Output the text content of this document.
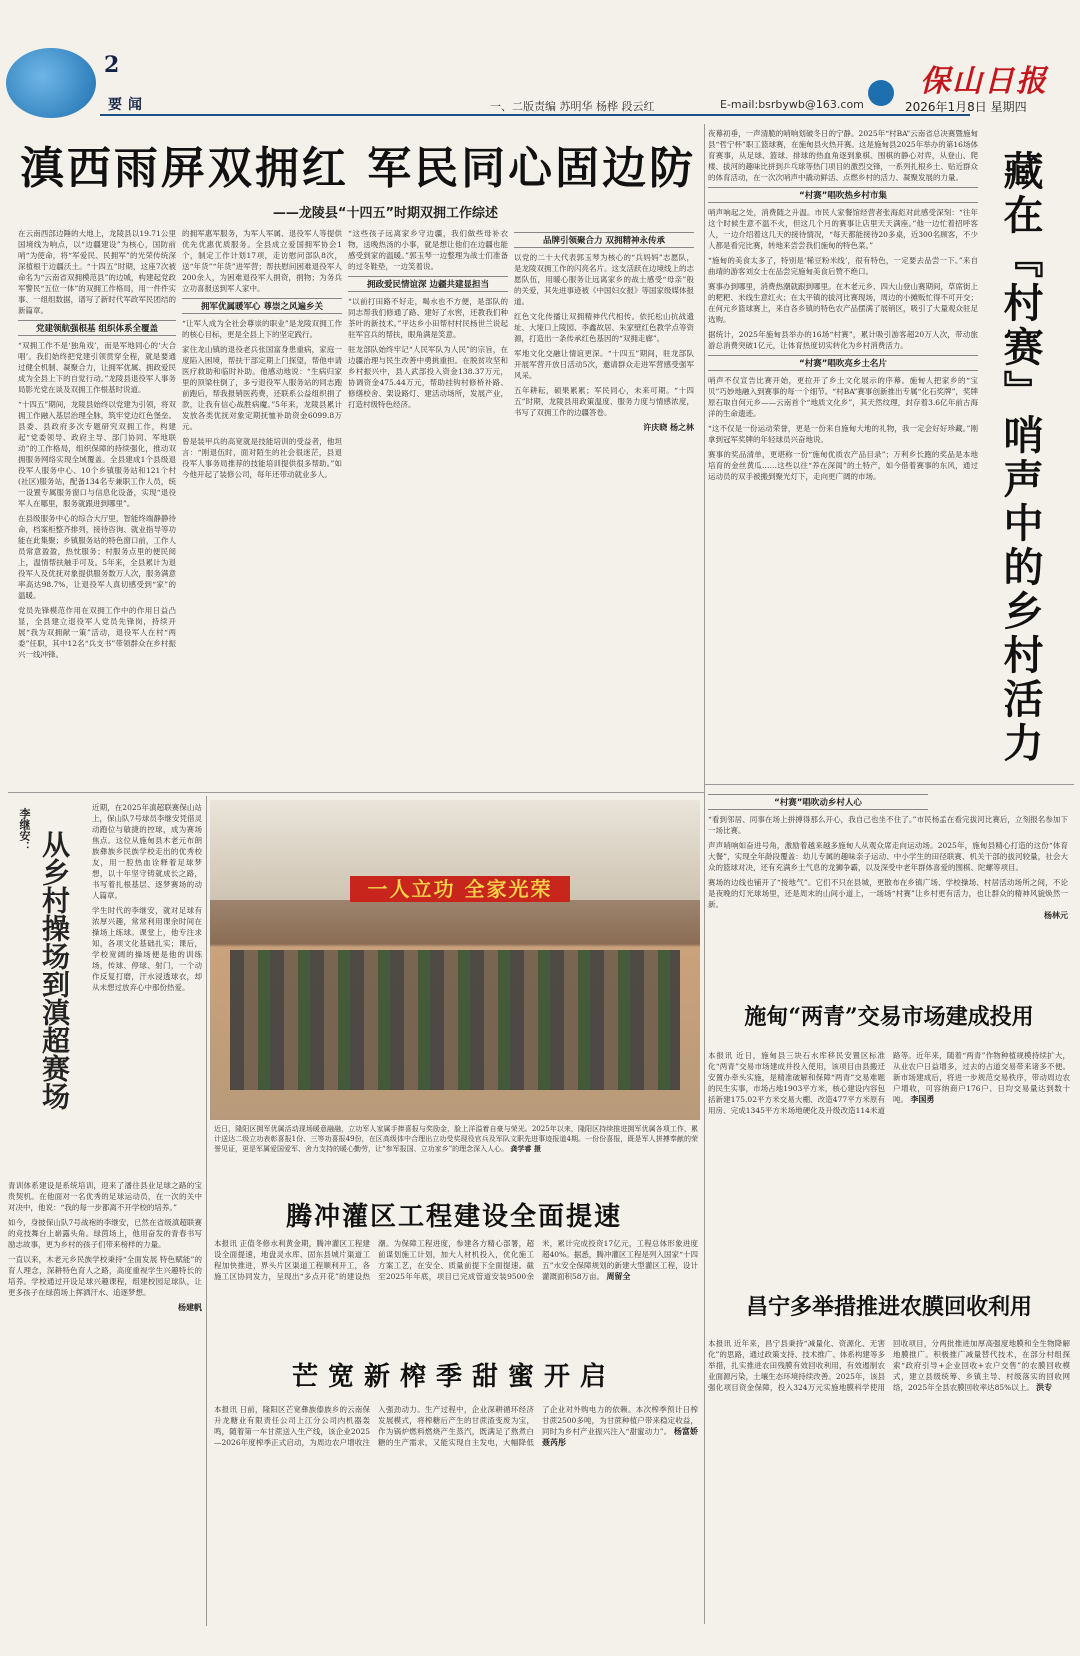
2
要闻	一、二版责编 苏明华 杨桦 段云红	E-mail:bsrbywb@163.com
保山日报
2026年1月8日 星期四
滇西雨屏双拥红 军民同心固边防
——龙陵县“十四五”时期双拥工作综述

在云南西部边陲的大地上，龙陵县以19.71公里国境线为响点，以“边疆建设”为核心，国防前哨“为使命，将“军爱民、民拥军”的光荣传统深深植根于边疆沃土。“十四五”时期，这座7次被命名为“云南省双拥模范县”的边城，构建起党政军警民“五位一体”的双拥工作格局，用一件件实事、一组组数据，谱写了新时代军政军民团结的新篇章。

党建领航强根基 组织体系全覆盖

“双拥工作不是‘独角戏’，而是军地同心的‘大合唱’。我们始终把党建引领贯穿全程，就是要通过健全机制、凝聚合力，让拥军优属、拥政爱民成为全县上下的自觉行动。”龙陵县退役军人事务局影光党在谈及双拥工作根基时说道。

“十四五”期间，龙陵县始终以党建为引领，将双拥工作融入基层治理全脉，筑牢党边红色堡垒。县委、县政府多次专题研究双拥工作，构建起“党委领导、政府主导、部门协同、军地联动”的工作格局，组织保障的持续强化，推动双拥服务网络实现全域覆盖。全县建成1个县级退役军人服务中心、10个乡镇服务站和121个村(社区)服务站，配备134名专兼职工作人员，统一设置专属服务窗口与信息化设备，实现“退役军人在哪里，服务就跟进到哪里”。

在县级服务中心的综合大厅里，智能终端静静待命，档案柜整齐排列，接待咨询、就业指导等功能在此集聚；乡镇服务站的特色窗口前，工作人员常意盈盈，热忱服务；村服务点里的便民阅上，温情帮扶触手可及。5年来，全县累计为退役军人及优抚对象提供服务数万人次，服务满意率高达98.7%，让退役军人真切感受到“家”的温暖。

党员先锋模范作用在双拥工作中的作用日益凸显，全县建立退役军人党员先锋岗，持续开展“我为双拥献一策”活动，退役军人在村“两委”任职，其中12名“兵支书”带领群众在乡村振兴一线冲锋。

的拥军惠军服务，为军人军属、退役军人等提供优先优惠优质服务。全县成立爱国拥军协会1个，制定工作计划17项，走访慰问部队8次，送“年货”“年货”进军营；帮扶慰问困难退役军人200余人，为困难退役军人捐资，捐物；为务兵立功喜报送到军人家中。

拥军优属暖军心 尊崇之风遍乡关

“让军人成为全社会尊崇的职业”是龙陵双拥工作的核心目标，更是全县上下的坚定践行。

家住龙山镇的退役老兵张国富身患重病，家庭一度陷入困境，帮扶干部定期上门探望，帮他申请医疗救助和临时补助。他感动地说：“生病归家里的顶梁柱倒了，多亏退役军人服务站的同志跑前跑后，帮我报销医药费，还联系公益组织捐了款，让我有信心战胜病魔。”5年来，龙陵县累计发放各类优抚对象定期抚恤补助资金6099.8万元。

曾是装甲兵的高宽就是技能培训的受益者，他坦言：“刚退伍时，面对陌生的社会很迷茫，县退役军人事务局推荐的技能培训提供很多帮助。”如今他开起了装修公司，每年还带动就业多人。

“这些孩子远离家乡守边疆，我们做些母补衣物，送晚热汤的小事，就是想让他们在边疆也能感受到家的温暖。”郭玉琴一边整理为战士们准备的过冬鞋垫，一边笑着说。

拥政爱民情谊深 边疆共建显担当

“以前打田路不好走，喝水也不方便，是部队的同志帮我们修通了路、建好了水窖，还教我们种茶叶的新技术。”平达乡小田帮村村民杨世兰说起驻军官兵的帮扶，眼角满是笑意。

驻龙部队始终牢记“人民军队为人民”的宗旨，在边疆治理与民生改善中勇挑重担。在脱贫攻坚和乡村振兴中，县人武部投入资金138.37万元，协调资金475.44万元，帮助挂钩村修桥补路、修缮校舍、架设路灯、建活动场所，发展产业，打造村级特色经济。

品牌引领聚合力 双拥精神永传承

以党的二十大代表郭玉琴为核心的“兵妈妈”志愿队，是龙陵双拥工作的闪亮名片。这支活跃在边境线上的志愿队伍，用暖心服务让远离家乡的战士感受“母亲”般的关爱，其先进事迹被《中国妇女报》等国家级媒体报道。

红色文化传播让双拥精神代代相传。依托松山抗战遗址、大垭口上陵园、李鑫故居、朱家壁红色教学点等资源，打造出一条传承红色基因的“双拥走廊”。

军地文化交融让情谊更深。“十四五”期间，驻龙部队开展军营开放日活动5次，邀请群众走进军营感受强军风采。

五年耕耘，硕果累累；军民同心，未来可期。“十四五”时期，龙陵县用政策温度、服务力度与情感浓度，书写了双拥工作的边疆答卷。

许庆晓 杨之林

夜幕初垂，一声清脆的哨响划破冬日的宁静。2025年“村BA”云南省总决赛暨施甸县“哲宁杯”职工篮球赛，在施甸县火热开赛。这是施甸县2025年举办的第16场体育赛事，从足球、篮球、排球的热血角逐到象棋、围棋的静心对弈，从登山、爬楼、拔河的趣味比拼到乒乓球等热门项目的激烈交锋，一系列扎根乡土、贴近群众的体育活动，在一次次哨声中撬动鲜活、点燃乡村的活力、凝聚发展的力量。

“村赛”唱吹热乡村市集

哨声响起之处，消费随之升温。市民人家餐馆经营者张海彪对此感受深刻：“往年这个时候生意不温不火，但这几个月的赛事让店里天天满座。”他一边忙着招呼客人，一边介绍着这几天的接待情况，“每天都能接待20多桌，近300名顾客，不少人都是看完比赛，转地来尝尝我们施甸的特色菜。”

“施甸的美食太多了，特别是‘稀豆粉米线’，很有特色，一定要去品尝一下。”来自曲靖的游客刘女士在品尝完施甸美食后赞不绝口。

赛事办到哪里，消费热潮就跟到哪里。在木老元乡、四大山登山赛期间，草席街上的粑粑、米线生意红火；在太平镇的拔河比赛现场，周边的小摊贩忙得不可开交；在何元乡篮球赛上，来自各乡镇的特色农产品摆满了展销区，吸引了大量观众驻足选购。

据统计，2025年施甸县举办的16场“村赛”，累计吸引游客超20万人次，带动旅游总消费突破1亿元，让体育热度切实转化为乡村消费活力。

“村赛”唱吹亮乡土名片

哨声不仅宣告比赛开始，更拉开了乡土文化展示的序幕。施甸人把家乡的“宝贝”巧妙地融入到赛事的每一个细节。“村BA”赛事创新推出专属“化石奖牌”，奖牌原石取自何元乡——云南首个“地质文化乡”，其天然纹理，封存着3.6亿年前古海洋的生命遗迹。

“这不仅是一份运动荣誉，更是一份来自施甸大地的礼物，我一定会好好珍藏。”刚拿到冠军奖牌的年轻球员兴奋地说。

赛事的奖品清单，更堪称一份“施甸优质农产品目录”；万利乡长跑的奖品是本地培育的金丝黄瓜……这些以往“养在深闺”的土特产，如今借着赛事的东风，通过运动员的双手被搬到聚光灯下，走向更广阔的市场。	藏在『村赛』哨声中的乡村活力
“村赛”唱吹动乡村人心

“看到邻居、同事在场上拼搏得那么开心，我自己也坐不住了。”市民杨孟在看完拔河比赛后，立刻报名参加下一场比赛。

声声哨响如奋进号角，激励着越来越多施甸人从观众席走向运动场。2025年，施甸县精心打造的这份“体育大餐”，实现全年龄段覆盖：幼儿专属的趣味亲子运动、中小学生的田径联赛、机关干部的拔河较量，社会大众的篮球对决，还有充满乡土气息的龙狮争霸，以及深受中老年群体喜爱的围棋、陀螺等项目。

赛场的边线也铺开了“接地气”。它们不只在县城，更散布在乡镇广场、学校操场、村居活动场所之间，不论是夜晚的灯光球场里，还是周末的山间小道上，一场场“村赛”让乡村更有活力，也让群众的精神风貌焕然一新。

杨林元
李继安： 从乡村操场到滇超赛场

近期，在2025年滇超联赛保山站上，保山队7号球员李继安凭借灵动跑位与敏捷的控球，成为赛场焦点。这位从施甸县木老元布朗族彝族乡民族学校走出的优秀校友，用一腔热血诠释着足球梦想，以十年坚守铸就成长之路，书写着扎根基层、逐梦赛场的动人篇章。

学生时代的李继安，就对足球有浓厚兴趣，常常利用课余时间在操场上练球。课堂上，他专注求知，各项文化基础扎实；课后，学校宽阔的操场便是他的训练场，传球、停球、射门，一个动作反复打磨，汗水浸透球衣，却从未想过放弃心中那份热爱。

青训体系建设是系统培训，迎来了潘往县业足球之路的宝贵契机。在他面对一名优秀的足球运动员，在一次的关中对决中，他说：“我的每一步都离不开学校的培养。”

如今，身披保山队7号战袍的李继安，已然在省级滇超联赛的竞技舞台上崭露头角。绿茵场上，他用奋发的青春书写励志故事，更为乡村的孩子们带来榜样的力量。

一直以来，木老元乡民族学校秉持“全面发展 特色赋能”的育人理念，深耕特色育人之路，高度重视学生兴趣特长的培养。学校通过开设足球兴趣课程，组建校园足球队，让更多孩子在绿茵场上挥洒汗水、追逐梦想。

杨建帆
一人立功 全家光荣
近日，隆阳区拥军优属活动现场暖意融融，立功军人家属手捧喜报与奖励金，脸上洋溢着自豪与荣光。2025年以来，隆阳区持续推进拥军优属各项工作，累计送达二级立功表彰喜报1份、三等功喜报49份，在区高级体中合理出立功受奖现役官兵及军队文职先进事迹报道4期。一份份喜报，既是军人拼搏奉献的荣誉见证，更是军属爱国爱军、舍力支持的暖心勤劳，让“参军报国、立功家乡”的理念深入人心。 龚学睿 摄
腾冲灌区工程建设全面提速
本报讯 正值冬修水利黄金期，腾冲灌区工程建设全面提速，地盘灵水库、固东县城片渠道工程加快推进，界头片区渠道工程顺利开工，各施工区协同发力，呈现出“多点开花”的建设热潮。为保障工程进度，参建各方精心部署，超前谋划施工计划，加大人材机投入，优化施工方案工艺，在安全、质量前提下全面提速。截至2025年年底，项目已完成管道安装9500余米，累计完成投资17亿元，工程总体形象进度超40%。据悉，腾冲灌区工程是列入国家“十四五”水安全保障规划的新建大型灌区工程，设计灌溉面积58万亩。 周留全
芒宽新榨季甜蜜开启
本报讯 日前，隆阳区芒宽彝族傣族乡的云南保升龙糖业有限责任公司上江分公司内机器轰鸣，随着第一车甘蔗送入生产线，该企业2025—2026年度榨季正式启动，为周边农户增收注入强劲动力。生产过程中，企业深耕循环经济发展模式，将榨糖后产生的甘蔗渣变废为宝，作为锅炉燃料燃烧产生蒸汽，既满足了熬煮白糖的生产需求，又能实现自主发电，大幅降低了企业对外购电力的依赖。本次榨季预计日榨甘蔗2500多吨，为甘蔗种植户带来稳定收益，同时为乡村产业振兴注入“甜蜜动力”。 杨富娇 聂芮彤
施甸“两青”交易市场建成投用
本报讯 近日，施甸县三块石水库移民安置区标准化“两青”交易市场建成并投入使用，该项目由县搬迁安置办牵头实施，是精准破解和保障“两青”交易难题的民生实事，市场占地1903平方米，核心建设内容包括新建175.02平方米交易大棚、改造477平方米原有用房、完成1345平方米场地硬化及升级改造114米道路等。近年来，随着“两青”作物种植规模持续扩大，从业农户日益增多，过去的占道交易带来诸多不便。新市场建成后，将进一步规范交易秩序，带动周边农户增收，可容纳商户176户、日均交易量达到数十吨。 李国勇
昌宁多举措推进农膜回收利用
本报讯 近年来，昌宁县秉持“减量化、资源化、无害化”的思路，通过政策支持、技术推广、体系构建等多举措，扎实推进农田残膜有效回收利用，有效遏制农业面源污染，土壤生态环境持续改善。2025年，该县强化项目资金保障，投入324万元实施地膜科学使用回收项目，分两批推进加厚高强度地膜和全生物降解地膜推广。积极推广减量替代技术，在部分村组探索“政府引导+企业回收+农户交售”的农膜回收模式，建立县级统筹、乡镇主导、村级落实的回收网络，2025年全县农膜回收率达85%以上。 洪专
